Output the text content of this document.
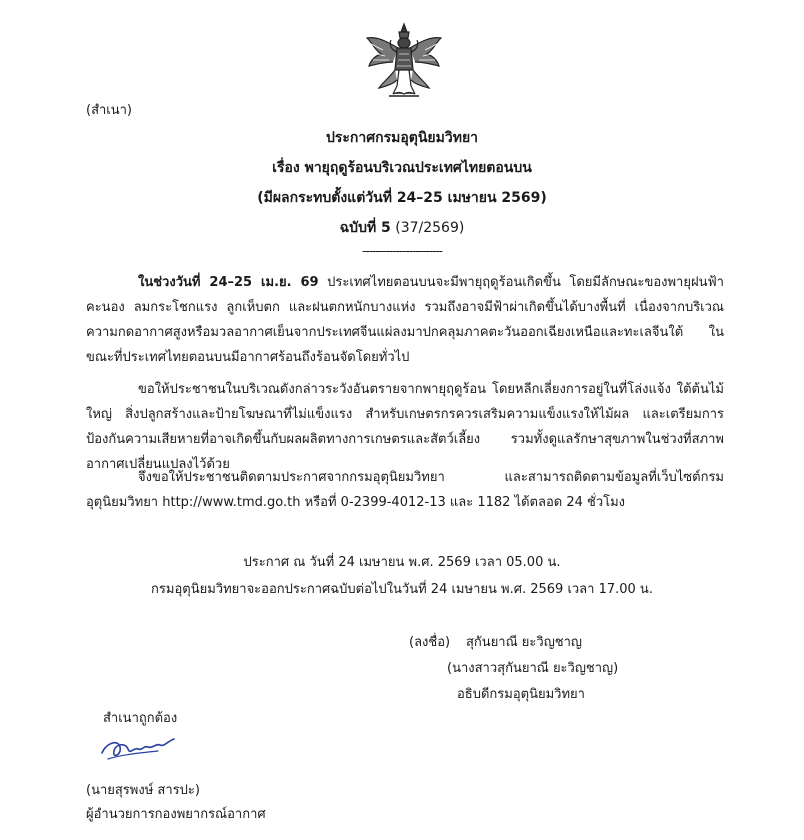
(สำเนา)
ประกาศกรมอุตุนิยมวิทยา
เรื่อง พายุฤดูร้อนบริเวณประเทศไทยตอนบน
(มีผลกระทบตั้งแต่วันที่ 24–25 เมษายน 2569)
ฉบับที่ 5 (37/2569)
------------------------
ในช่วงวันที่ 24–25 เม.ย. 69 ประเทศไทยตอนบนจะมีพายุฤดูร้อนเกิดขึ้น โดยมีลักษณะของพายุฝนฟ้าคะนอง ลมกระโชกแรง ลูกเห็บตก และฝนตกหนักบางแห่ง รวมถึงอาจมีฟ้าผ่าเกิดขึ้นได้บางพื้นที่ เนื่องจากบริเวณความกดอากาศสูงหรือมวลอากาศเย็นจากประเทศจีนแผ่ลงมาปกคลุมภาคตะวันออกเฉียงเหนือและทะเลจีนใต้ ในขณะที่ประเทศไทยตอนบนมีอากาศร้อนถึงร้อนจัดโดยทั่วไป
ขอให้ประชาชนในบริเวณดังกล่าวระวังอันตรายจากพายุฤดูร้อน โดยหลีกเลี่ยงการอยู่ในที่โล่งแจ้ง ใต้ต้นไม้ใหญ่ สิ่งปลูกสร้างและป้ายโฆษณาที่ไม่แข็งแรง สำหรับเกษตรกรควรเสริมความแข็งแรงให้ไม้ผล และเตรียมการป้องกันความเสียหายที่อาจเกิดขึ้นกับผลผลิตทางการเกษตรและสัตว์เลี้ยง รวมทั้งดูแลรักษาสุขภาพในช่วงที่สภาพอากาศเปลี่ยนแปลงไว้ด้วย
จึงขอให้ประชาชนติดตามประกาศจากกรมอุตุนิยมวิทยา และสามารถติดตามข้อมูลที่เว็บไซต์กรมอุตุนิยมวิทยา http://www.tmd.go.th หรือที่ 0-2399-4012-13 และ 1182 ได้ตลอด 24 ชั่วโมง
ประกาศ ณ วันที่ 24 เมษายน พ.ศ. 2569 เวลา 05.00 น.
กรมอุตุนิยมวิทยาจะออกประกาศฉบับต่อไปในวันที่ 24 เมษายน พ.ศ. 2569 เวลา 17.00 น.
(ลงชื่อ) สุกันยาณี ยะวิญชาญ
(นางสาวสุกันยาณี ยะวิญชาญ)
อธิบดีกรมอุตุนิยมวิทยา
สำเนาถูกต้อง
(นายสุรพงษ์ สารปะ)
ผู้อำนวยการกองพยากรณ์อากาศ
